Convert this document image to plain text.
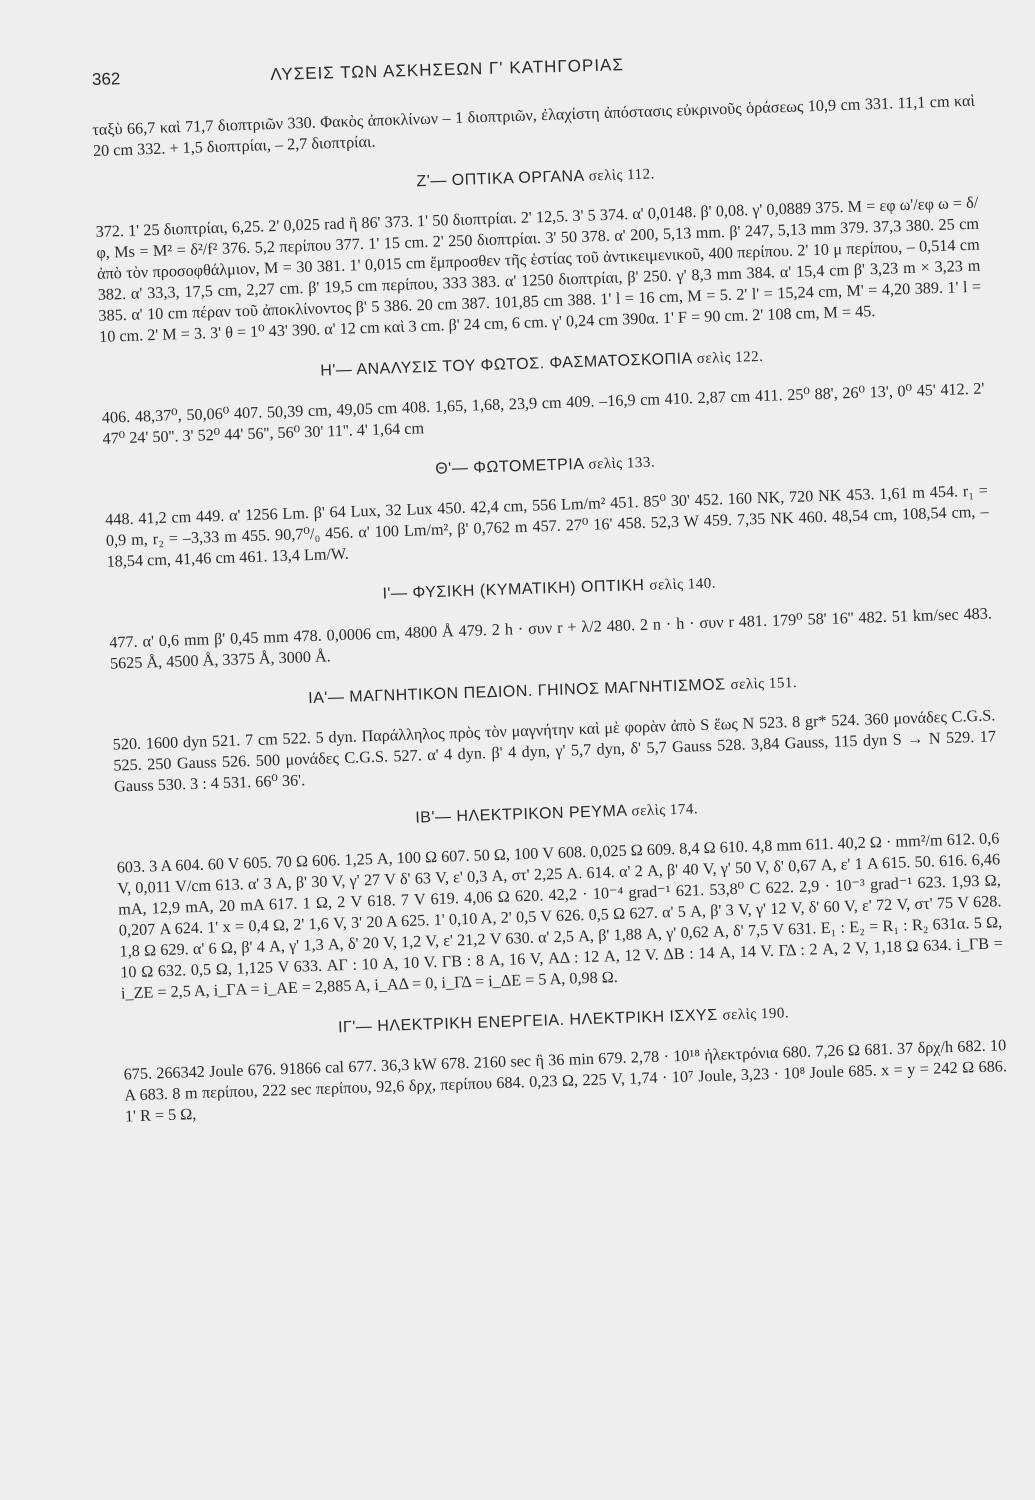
362	ΛΥΣΕΙΣ ΤΩΝ ΑΣΚΗΣΕΩΝ Γ' ΚΑΤΗΓΟΡΙΑΣ

ταξὺ 66,7 καὶ 71,7 διοπτριῶν 330. Φακὸς ἀποκλίνων – 1 διοπτριῶν, ἐλαχίστη ἀπόστασις εὐκρινοῦς ὁράσεως 10,9 cm 331. 11,1 cm καὶ 20 cm 332. + 1,5 διοπτρίαι, – 2,7 διοπτρίαι.

Ζ'— ΟΠΤΙΚΑ ΟΡΓΑΝΑ σελὶς 112.

372. 1' 25 διοπτρίαι, 6,25. 2' 0,025 rad ἢ 86' 373. 1' 50 διοπτρίαι. 2' 12,5. 3' 5 374. α' 0,0148. β' 0,08. γ' 0,0889 375. M = εφ ω'/εφ ω = δ/φ, Ms = M² = δ²/f² 376. 5,2 περίπου 377. 1' 15 cm. 2' 250 διοπτρίαι. 3' 50 378. α' 200, 5,13 mm. β' 247, 5,13 mm 379. 37,3 380. 25 cm ἀπὸ τὸν προσοφθάλμιον, M = 30 381. 1' 0,015 cm ἔμπροσθεν τῆς ἑστίας τοῦ ἀντικειμενικοῦ, 400 περίπου. 2' 10 μ περίπου, – 0,514 cm 382. α' 33,3, 17,5 cm, 2,27 cm. β' 19,5 cm περίπου, 333 383. α' 1250 διοπτρίαι, β' 250. γ' 8,3 mm 384. α' 15,4 cm β' 3,23 m × 3,23 m 385. α' 10 cm πέραν τοῦ ἀποκλίνοντος β' 5 386. 20 cm 387. 101,85 cm 388. 1' l = 16 cm, M = 5. 2' l' = 15,24 cm, M' = 4,20 389. 1' l = 10 cm. 2' M = 3. 3' θ = 1⁰ 43' 390. α' 12 cm καὶ 3 cm. β' 24 cm, 6 cm. γ' 0,24 cm 390α. 1' F = 90 cm. 2' 108 cm, M = 45.

Η'— ΑΝΑΛΥΣΙΣ ΤΟΥ ΦΩΤΟΣ. ΦΑΣΜΑΤΟΣΚΟΠΙΑ σελὶς 122.

406. 48,37⁰, 50,06⁰ 407. 50,39 cm, 49,05 cm 408. 1,65, 1,68, 23,9 cm 409. –16,9 cm 410. 2,87 cm 411. 25⁰ 88', 26⁰ 13', 0⁰ 45' 412. 2' 47⁰ 24' 50''. 3' 52⁰ 44' 56'', 56⁰ 30' 11''. 4' 1,64 cm

Θ'— ΦΩΤΟΜΕΤΡΙΑ σελὶς 133.

448. 41,2 cm 449. α' 1256 Lm. β' 64 Lux, 32 Lux 450. 42,4 cm, 556 Lm/m² 451. 85⁰ 30' 452. 160 NK, 720 NK 453. 1,61 m 454. r₁ = 0,9 m, r₂ = –3,33 m 455. 90,7⁰/₀ 456. α' 100 Lm/m², β' 0,762 m 457. 27⁰ 16' 458. 52,3 W 459. 7,35 NK 460. 48,54 cm, 108,54 cm, – 18,54 cm, 41,46 cm 461. 13,4 Lm/W.

Ι'— ΦΥΣΙΚΗ (ΚΥΜΑΤΙΚΗ) ΟΠΤΙΚΗ σελὶς 140.

477. α' 0,6 mm β' 0,45 mm 478. 0,0006 cm, 4800 Å 479. 2 h · συν r + λ/2 480. 2 n · h · συν r 481. 179⁰ 58' 16'' 482. 51 km/sec 483. 5625 Å, 4500 Å, 3375 Å, 3000 Å.

ΙΑ'— ΜΑΓΝΗΤΙΚΟΝ ΠΕΔΙΟΝ. ΓΗΙΝΟΣ ΜΑΓΝΗΤΙΣΜΟΣ σελὶς 151.

520. 1600 dyn 521. 7 cm 522. 5 dyn. Παράλληλος πρὸς τὸν μαγνήτην καὶ μὲ φορὰν ἀπὸ S ἕως N 523. 8 gr* 524. 360 μονάδες C.G.S. 525. 250 Gauss 526. 500 μονάδες C.G.S. 527. α' 4 dyn. β' 4 dyn, γ' 5,7 dyn, δ' 5,7 Gauss 528. 3,84 Gauss, 115 dyn S → N 529. 17 Gauss 530. 3 : 4 531. 66⁰ 36'.

ΙΒ'— ΗΛΕΚΤΡΙΚΟΝ ΡΕΥΜΑ σελὶς 174.

603. 3 A 604. 60 V 605. 70 Ω 606. 1,25 A, 100 Ω 607. 50 Ω, 100 V 608. 0,025 Ω 609. 8,4 Ω 610. 4,8 mm 611. 40,2 Ω · mm²/m 612. 0,6 V, 0,011 V/cm 613. α' 3 A, β' 30 V, γ' 27 V δ' 63 V, ε' 0,3 A, στ' 2,25 A. 614. α' 2 A, β' 40 V, γ' 50 V, δ' 0,67 A, ε' 1 A 615. 50. 616. 6,46 mA, 12,9 mA, 20 mA 617. 1 Ω, 2 V 618. 7 V 619. 4,06 Ω 620. 42,2 · 10⁻⁴ grad⁻¹ 621. 53,8⁰ C 622. 2,9 · 10⁻³ grad⁻¹ 623. 1,93 Ω, 0,207 A 624. 1' x = 0,4 Ω, 2' 1,6 V, 3' 20 A 625. 1' 0,10 A, 2' 0,5 V 626. 0,5 Ω 627. α' 5 A, β' 3 V, γ' 12 V, δ' 60 V, ε' 72 V, στ' 75 V 628. 1,8 Ω 629. α' 6 Ω, β' 4 A, γ' 1,3 A, δ' 20 V, 1,2 V, ε' 21,2 V 630. α' 2,5 A, β' 1,88 A, γ' 0,62 A, δ' 7,5 V 631. E₁ : E₂ = R₁ : R₂ 631α. 5 Ω, 10 Ω 632. 0,5 Ω, 1,125 V 633. ΑΓ : 10 A, 10 V. ΓΒ : 8 A, 16 V, ΑΔ : 12 A, 12 V. ΔΒ : 14 A, 14 V. ΓΔ : 2 A, 2 V, 1,18 Ω 634. i_ΓΒ = i_ZE = 2,5 A, i_ΓA = i_AE = 2,885 A, i_AΔ = 0, i_ΓΔ = i_ΔE = 5 A, 0,98 Ω.

ΙΓ'— ΗΛΕΚΤΡΙΚΗ ΕΝΕΡΓΕΙΑ. ΗΛΕΚΤΡΙΚΗ ΙΣΧΥΣ σελὶς 190.

675. 266342 Joule 676. 91866 cal 677. 36,3 kW 678. 2160 sec ἢ 36 min 679. 2,78 · 10¹⁸ ἠλεκτρόνια 680. 7,26 Ω 681. 37 δρχ/h 682. 10 A 683. 8 m περίπου, 222 sec περίπου, 92,6 δρχ, περίπου 684. 0,23 Ω, 225 V, 1,74 · 10⁷ Joule, 3,23 · 10⁸ Joule 685. x = y = 242 Ω 686. 1' R = 5 Ω,
